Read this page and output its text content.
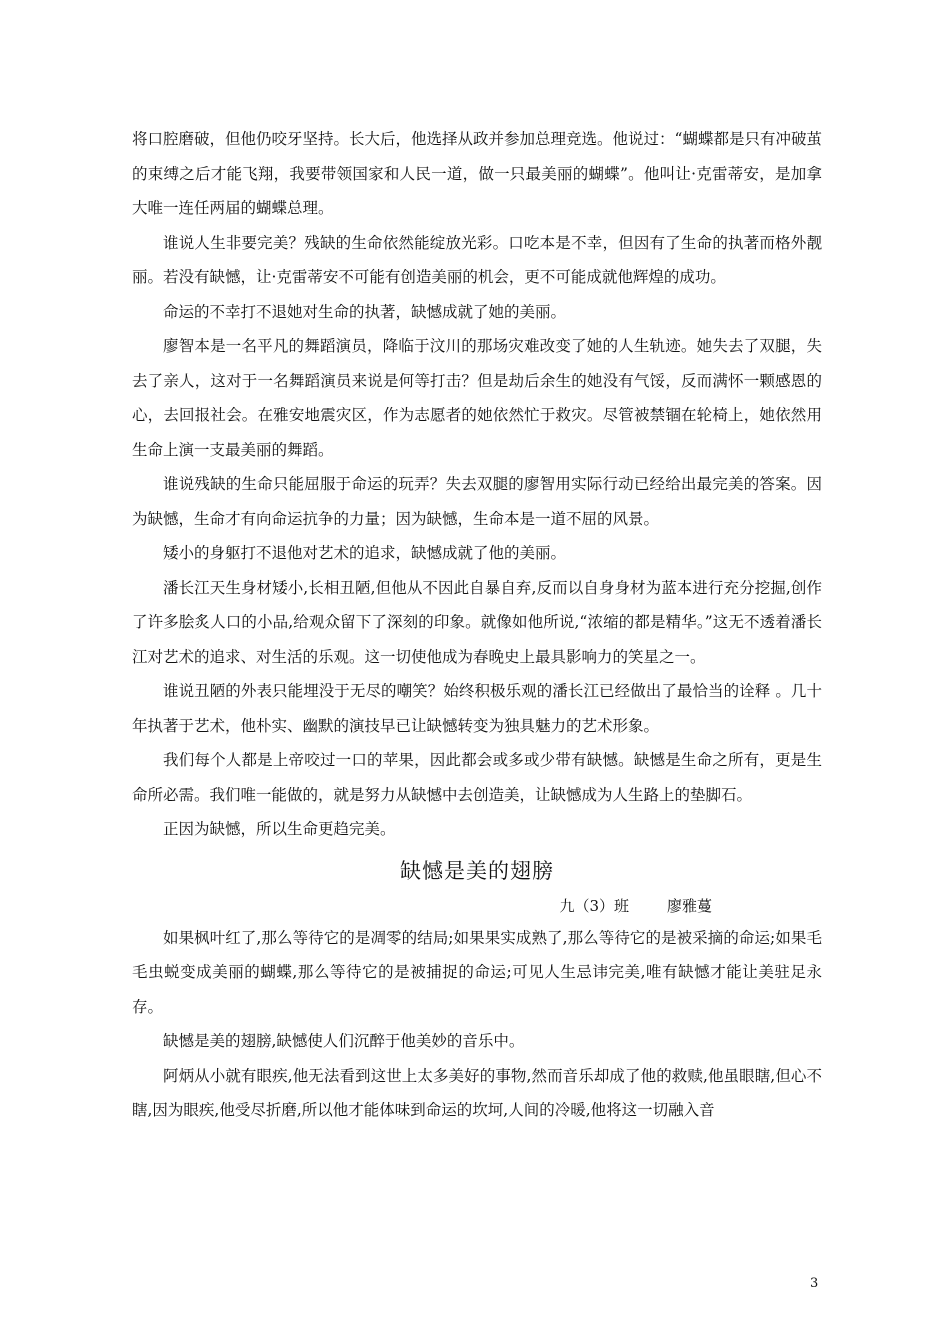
将口腔磨破，但他仍咬牙坚持。长大后，他选择从政并参加总理竞选。他说过：“蝴蝶都是只有冲破茧的束缚之后才能飞翔，我要带领国家和人民一道，做一只最美丽的蝴蝶”。他叫让·克雷蒂安，是加拿大唯一连任两届的蝴蝶总理。

谁说人生非要完美？残缺的生命依然能绽放光彩。口吃本是不幸，但因有了生命的执著而格外靓丽。若没有缺憾，让·克雷蒂安不可能有创造美丽的机会，更不可能成就他辉煌的成功。

命运的不幸打不退她对生命的执著，缺憾成就了她的美丽。

廖智本是一名平凡的舞蹈演员，降临于汶川的那场灾难改变了她的人生轨迹。她失去了双腿，失去了亲人，这对于一名舞蹈演员来说是何等打击？但是劫后余生的她没有气馁，反而满怀一颗感恩的心，去回报社会。在雅安地震灾区，作为志愿者的她依然忙于救灾。尽管被禁锢在轮椅上，她依然用生命上演一支最美丽的舞蹈。

谁说残缺的生命只能屈服于命运的玩弄？失去双腿的廖智用实际行动已经给出最完美的答案。因为缺憾，生命才有向命运抗争的力量；因为缺憾，生命本是一道不屈的风景。

矮小的身躯打不退他对艺术的追求，缺憾成就了他的美丽。

潘长江天生身材矮小,长相丑陋,但他从不因此自暴自弃,反而以自身身材为蓝本进行充分挖掘,创作了许多脍炙人口的小品,给观众留下了深刻的印象。就像如他所说,“浓缩的都是精华。”这无不透着潘长江对艺术的追求、对生活的乐观。这一切使他成为春晚史上最具影响力的笑星之一。

谁说丑陋的外表只能埋没于无尽的嘲笑？始终积极乐观的潘长江已经做出了最恰当的诠释 。几十年执著于艺术，他朴实、幽默的演技早已让缺憾转变为独具魅力的艺术形象。

我们每个人都是上帝咬过一口的苹果，因此都会或多或少带有缺憾。缺憾是生命之所有，更是生命所必需。我们唯一能做的，就是努力从缺憾中去创造美，让缺憾成为人生路上的垫脚石。

正因为缺憾，所以生命更趋完美。

缺憾是美的翅膀
九（3）班	廖雅蔓

如果枫叶红了,那么等待它的是凋零的结局;如果果实成熟了,那么等待它的是被采摘的命运;如果毛毛虫蜕变成美丽的蝴蝶,那么等待它的是被捕捉的命运;可见人生忌讳完美,唯有缺憾才能让美驻足永存。

缺憾是美的翅膀,缺憾使人们沉醉于他美妙的音乐中。

阿炳从小就有眼疾,他无法看到这世上太多美好的事物,然而音乐却成了他的救赎,他虽眼瞎,但心不瞎,因为眼疾,他受尽折磨,所以他才能体味到命运的坎坷,人间的冷暖,他将这一切融入音

3
